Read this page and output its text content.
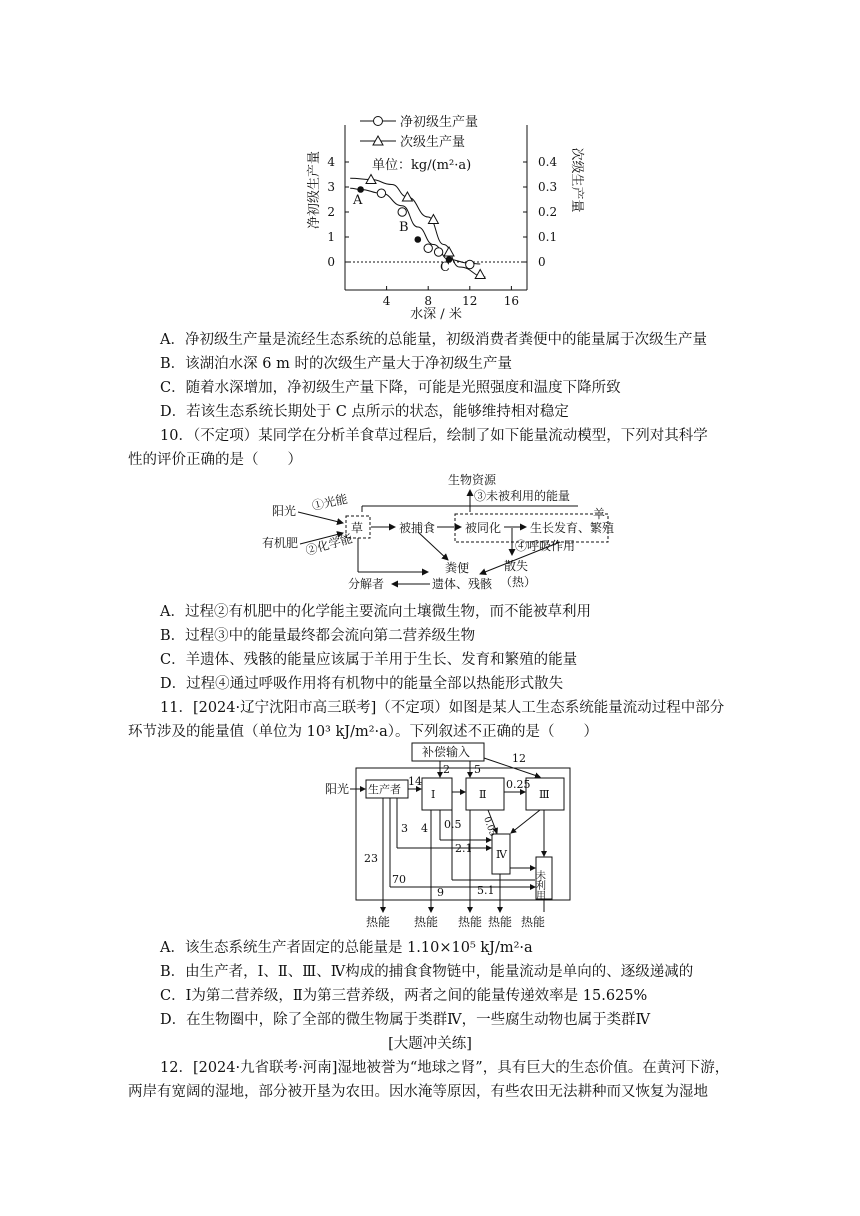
净初级生产量
次级生产量
单位：kg/(m²·a)
4	8	12 16
0
1
2
3
4
0
0.1
0.2
0.3
0.4
净初级生产量	次级生产量
水深 / 米
A
B
C
A．净初级生产量是流经生态系统的总能量，初级消费者粪便中的能量属于次级生产量
B．该湖泊水深 6 m 时的次级生产量大于净初级生产量
C．随着水深增加，净初级生产量下降，可能是光照强度和温度下降所致
D．若该生态系统长期处于 C 点所示的状态，能够维持相对稳定
10．（不定项）某同学在分析羊食草过程后，绘制了如下能量流动模型，下列对其科学
性的评价正确的是（　　）
生物资源
③未被利用的能量
羊
阳光 ①光能
有机肥 ②化学能
草	被捕食 被同化 生长发育、繁殖
④呼吸作用
散失
（热）
粪便
遗体、残骸
分解者
A．过程②有机肥中的化学能主要流向土壤微生物，而不能被草利用
B．过程③中的能量最终都会流向第二营养级生物
C．羊遗体、残骸的能量应该属于羊用于生长、发育和繁殖的能量
D．过程④通过呼吸作用将有机物中的能量全部以热能形式散失
11．[2024·辽宁沈阳市高三联考]（不定项）如图是某人工生态系统能量流动过程中部分
环节涉及的能量值（单位为 10³ kJ/m²·a）。下列叙述不正确的是（　　）
补偿输入
阳光 生产者	Ⅰ	Ⅱ	Ⅲ
Ⅳ
未利用
2 5
12
14	0.25
23
4
3	0.5
2.1
0.05
70
9	5.1
热能 热能 热能 热能 热能
A．该生态系统生产者固定的总能量是 1.10×10⁵ kJ/m²·a
B．由生产者，Ⅰ、Ⅱ、Ⅲ、Ⅳ构成的捕食食物链中，能量流动是单向的、逐级递减的
C．Ⅰ为第二营养级，Ⅱ为第三营养级，两者之间的能量传递效率是 15.625%
D．在生物圈中，除了全部的微生物属于类群Ⅳ，一些腐生动物也属于类群Ⅳ
[大题冲关练]
12．[2024·九省联考·河南]湿地被誉为“地球之肾”，具有巨大的生态价值。在黄河下游，
两岸有宽阔的湿地，部分被开垦为农田。因水淹等原因，有些农田无法耕种而又恢复为湿地
